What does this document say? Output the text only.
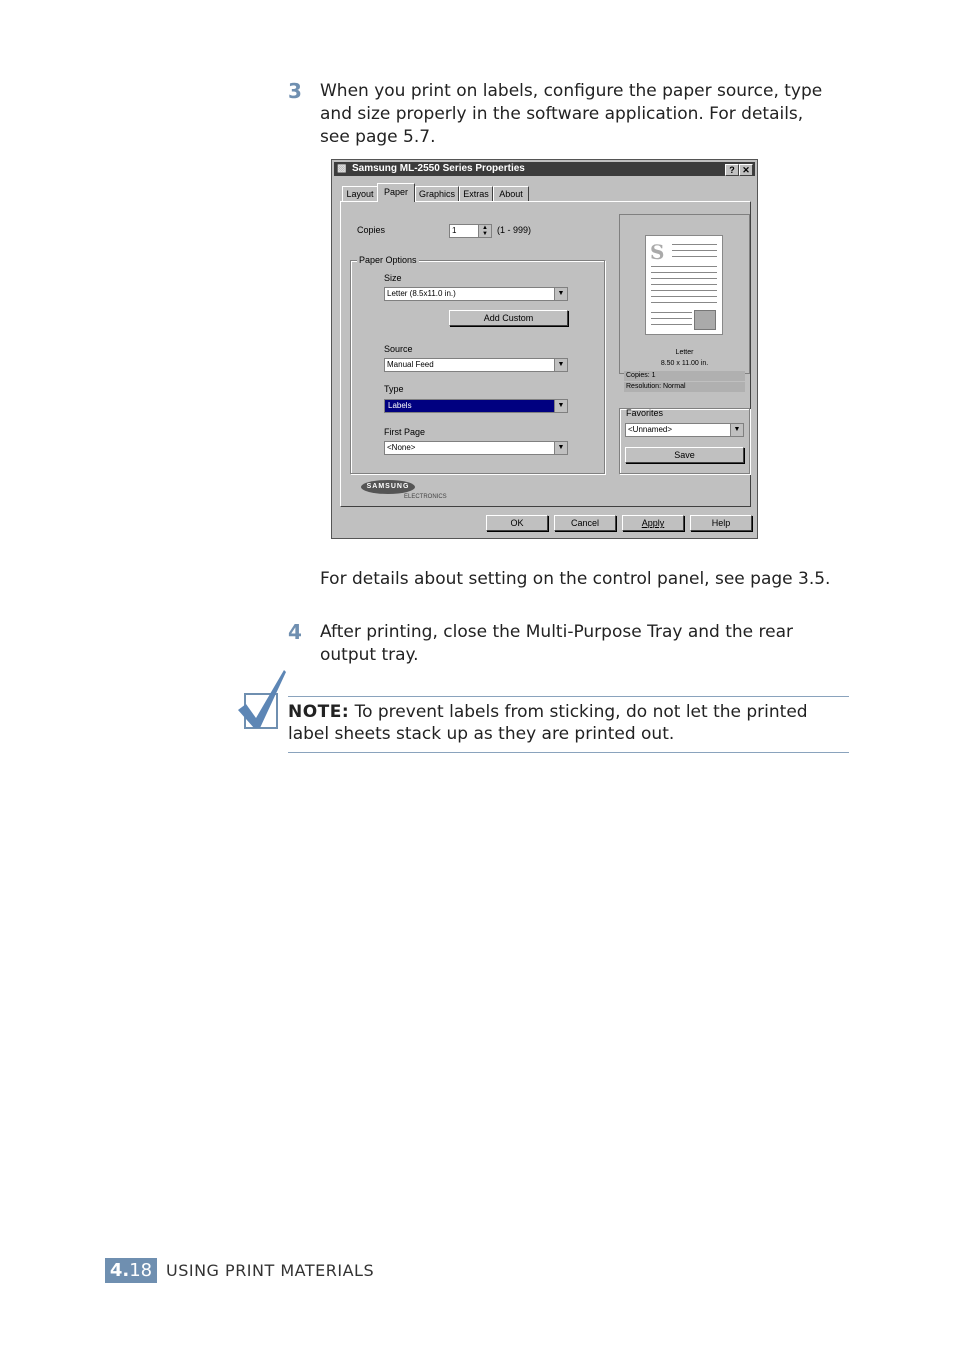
3 When you print on labels, configure the paper source, type
and size properly in the software application. For details,
see page 5.7.
▩ Samsung ML-2550 Series Properties	? ✕
Layout	Paper	Graphics Extras	About
Copies	1	▲
▼	(1 - 999)
Paper Options
Size
Letter (8.5x11.0 in.)	▼
Add Custom
Source
Manual Feed	▼
Type
Labels	▼
First Page
<None>	▼
S
Letter
8.50 x 11.00 in.
Copies: 1
Resolution: Normal
Favorites
<Unnamed>	▼
Save
SAMSUNG
ELECTRONICS
OK	Cancel	Apply	Help
For details about setting on the control panel, see page 3.5.
4 After printing, close the Multi-Purpose Tray and the rear
output tray.
NOTE: To prevent labels from sticking, do not let the printed label sheets stack up as they are printed out.
4.18 USING PRINT MATERIALS
